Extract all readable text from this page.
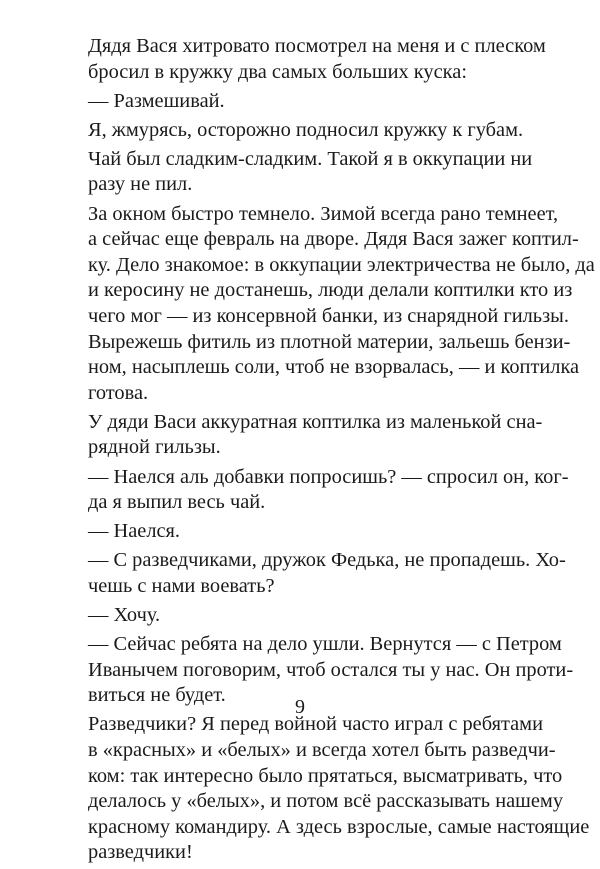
Дядя Вася хитровато посмотрел на меня и с плеском
бросил в кружку два самых больших куска:
— Размешивай.
Я, жмурясь, осторожно подносил кружку к губам.
Чай был сладким-сладким. Такой я в оккупации ни
разу не пил.
За окном быстро темнело. Зимой всегда рано темнеет,
а сейчас еще февраль на дворе. Дядя Вася зажег коптил-
ку. Дело знакомое: в оккупации электричества не было, да
и керосину не достанешь, люди делали коптилки кто из
чего мог — из консервной банки, из снарядной гильзы.
Вырежешь фитиль из плотной материи, зальешь бензи-
ном, насыплешь соли, чтоб не взорвалась, — и коптилка
готова.
У дяди Васи аккуратная коптилка из маленькой сна-
рядной гильзы.
— Наелся аль добавки попросишь? — спросил он, ког-
да я выпил весь чай.
— Наелся.
— С разведчиками, дружок Федька, не пропадешь. Хо-
чешь с нами воевать?
— Хочу.
— Сейчас ребята на дело ушли. Вернутся — с Петром
Иванычем поговорим, чтоб остался ты у нас. Он проти-
виться не будет.
Разведчики? Я перед войной часто играл с ребятами
в «красных» и «белых» и всегда хотел быть разведчи-
ком: так интересно было прятаться, высматривать, что
делалось у «белых», и потом всё рассказывать нашему
красному командиру. А здесь взрослые, самые настоящие
разведчики!
9
